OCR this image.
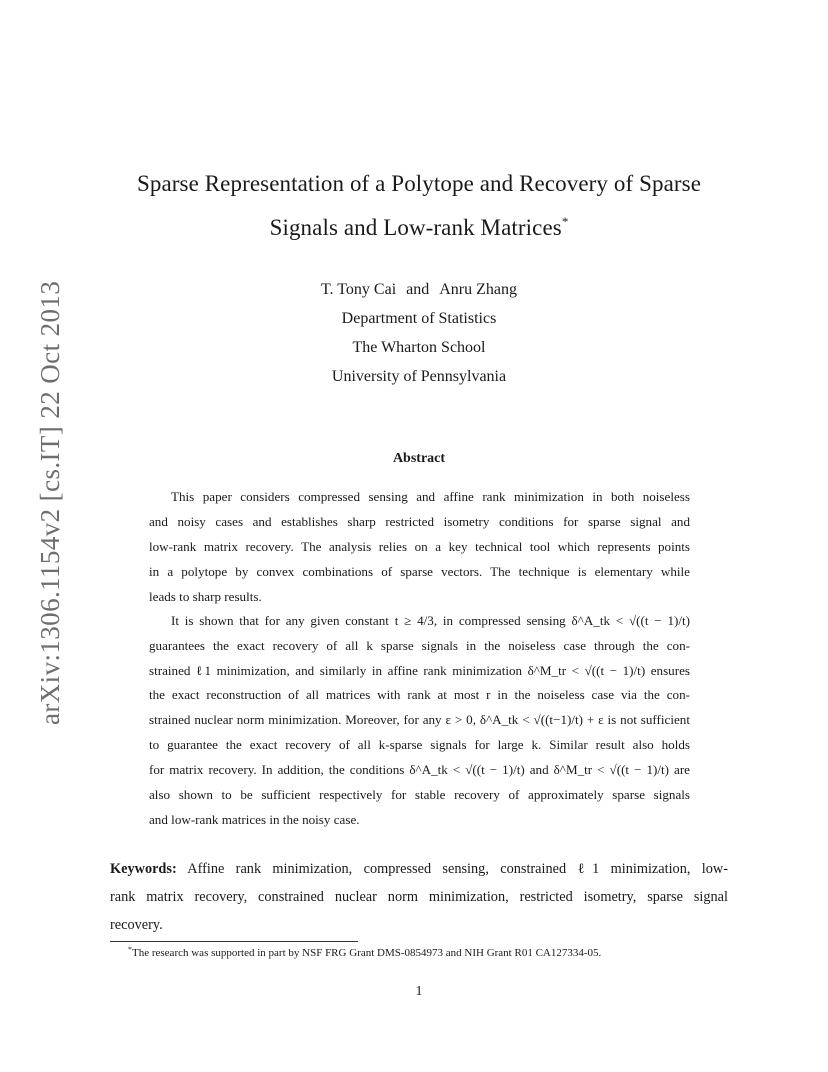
arXiv:1306.1154v2 [cs.IT] 22 Oct 2013
Sparse Representation of a Polytope and Recovery of Sparse
Signals and Low-rank Matrices*
T. Tony Cai and Anru Zhang
Department of Statistics
The Wharton School
University of Pennsylvania
Abstract
This paper considers compressed sensing and affine rank minimization in both noiseless
and noisy cases and establishes sharp restricted isometry conditions for sparse signal and
low-rank matrix recovery. The analysis relies on a key technical tool which represents points
in a polytope by convex combinations of sparse vectors. The technique is elementary while
leads to sharp results.
It is shown that for any given constant t ≥ 4/3, in compressed sensing δ^A_tk < √((t − 1)/t)
guarantees the exact recovery of all k sparse signals in the noiseless case through the con-
strained ℓ1 minimization, and similarly in affine rank minimization δ^M_tr < √((t − 1)/t) ensures
the exact reconstruction of all matrices with rank at most r in the noiseless case via the con-
strained nuclear norm minimization. Moreover, for any ε > 0, δ^A_tk < √((t−1)/t) + ε is not sufficient
to guarantee the exact recovery of all k-sparse signals for large k. Similar result also holds
for matrix recovery. In addition, the conditions δ^A_tk < √((t − 1)/t) and δ^M_tr < √((t − 1)/t) are
also shown to be sufficient respectively for stable recovery of approximately sparse signals
and low-rank matrices in the noisy case.
Keywords: Affine rank minimization, compressed sensing, constrained ℓ1 minimization, low-
rank matrix recovery, constrained nuclear norm minimization, restricted isometry, sparse signal
recovery.
*The research was supported in part by NSF FRG Grant DMS-0854973 and NIH Grant R01 CA127334-05.
1
